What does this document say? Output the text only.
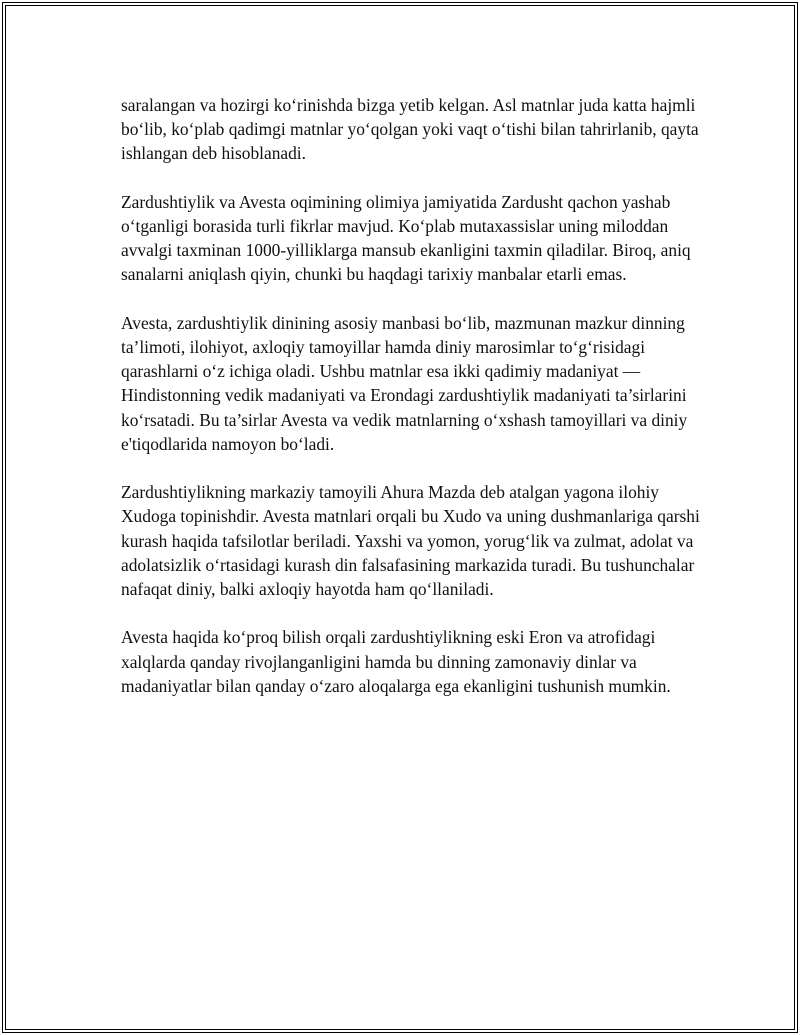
saralangan va hozirgi ko‘rinishda bizga yetib kelgan. Asl matnlar juda katta hajmli bo‘lib, ko‘plab qadimgi matnlar yo‘qolgan yoki vaqt o‘tishi bilan tahrirlanib, qayta ishlangan deb hisoblanadi.

Zardushtiylik va Avesta oqimining olimiya jamiyatida Zardusht qachon yashab o‘tganligi borasida turli fikrlar mavjud. Ko‘plab mutaxassislar uning miloddan avvalgi taxminan 1000-yilliklarga mansub ekanligini taxmin qiladilar. Biroq, aniq sanalarni aniqlash qiyin, chunki bu haqdagi tarixiy manbalar etarli emas.

Avesta, zardushtiylik dinining asosiy manbasi bo‘lib, mazmunan mazkur dinning ta’limoti, ilohiyot, axloqiy tamoyillar hamda diniy marosimlar to‘g‘risidagi qarashlarni o‘z ichiga oladi. Ushbu matnlar esa ikki qadimiy madaniyat — Hindistonning vedik madaniyati va Erondagi zardushtiylik madaniyati ta’sirlarini ko‘rsatadi. Bu ta’sirlar Avesta va vedik matnlarning o‘xshash tamoyillari va diniy e'tiqodlarida namoyon bo‘ladi.

Zardushtiylikning markaziy tamoyili Ahura Mazda deb atalgan yagona ilohiy Xudoga topinishdir. Avesta matnlari orqali bu Xudo va uning dushmanlariga qarshi kurash haqida tafsilotlar beriladi. Yaxshi va yomon, yorug‘lik va zulmat, adolat va adolatsizlik o‘rtasidagi kurash din falsafasining markazida turadi. Bu tushunchalar nafaqat diniy, balki axloqiy hayotda ham qo‘llaniladi.

Avesta haqida ko‘proq bilish orqali zardushtiylikning eski Eron va atrofidagi xalqlarda qanday rivojlanganligini hamda bu dinning zamonaviy dinlar va madaniyatlar bilan qanday o‘zaro aloqalarga ega ekanligini tushunish mumkin.
